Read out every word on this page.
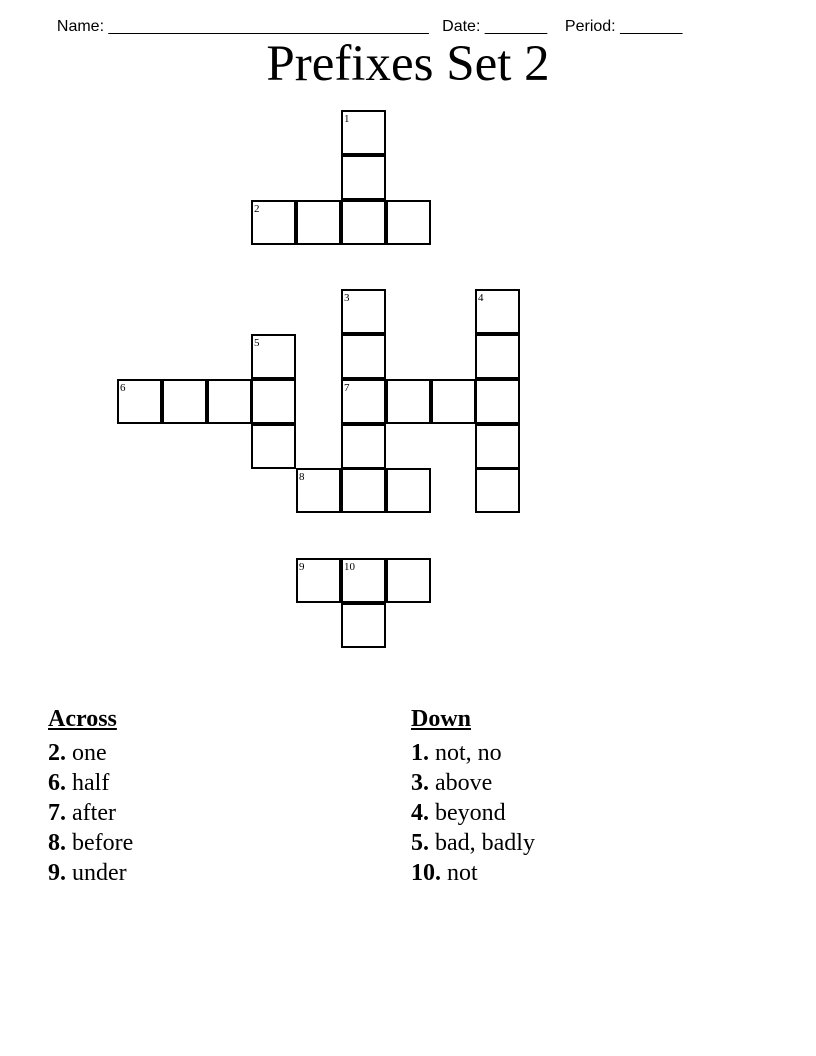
Name: ____________________________________ Date: _______ Period: _______

Prefixes Set 2
1
2
3
7
4
5
6
8
9	10
Across
2. one
6. half
7. after
8. before
9. under
Down
1. not, no
3. above
4. beyond
5. bad, badly
10. not
